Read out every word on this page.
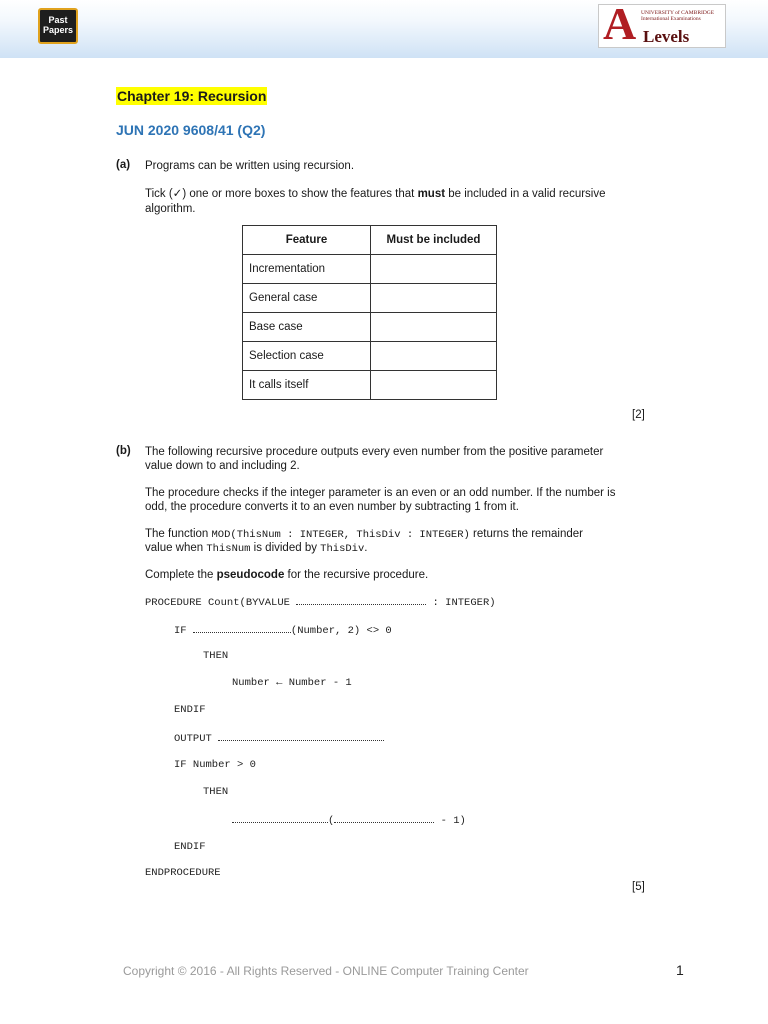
Past
Papers	A UNIVERSITY of CAMBRIDGE International Examinations
Levels
Chapter 19: Recursion
JUN 2020 9608/41 (Q2)
(a) Programs can be written using recursion.
Tick (✓) one or more boxes to show the features that must be included in a valid recursive
algorithm.
Feature	Must be included
Incrementation	
General case	
Base case	
Selection case	
It calls itself	
[2]
(b) The following recursive procedure outputs every even number from the positive parameter
value down to and including 2.
The procedure checks if the integer parameter is an even or an odd number. If the number is
odd, the procedure converts it to an even number by subtracting 1 from it.
The function MOD(ThisNum : INTEGER, ThisDiv : INTEGER) returns the remainder
value when ThisNum is divided by ThisDiv.
Complete the pseudocode for the recursive procedure.
PROCEDURE Count(BYVALUE	: INTEGER)
IF	(Number, 2) <> 0
THEN
Number ← Number - 1
ENDIF
OUTPUT
IF Number > 0
THEN
(	- 1)
ENDIF
ENDPROCEDURE
[5]
Copyright © 2016 - All Rights Reserved - ONLINE Computer Training Center	1
